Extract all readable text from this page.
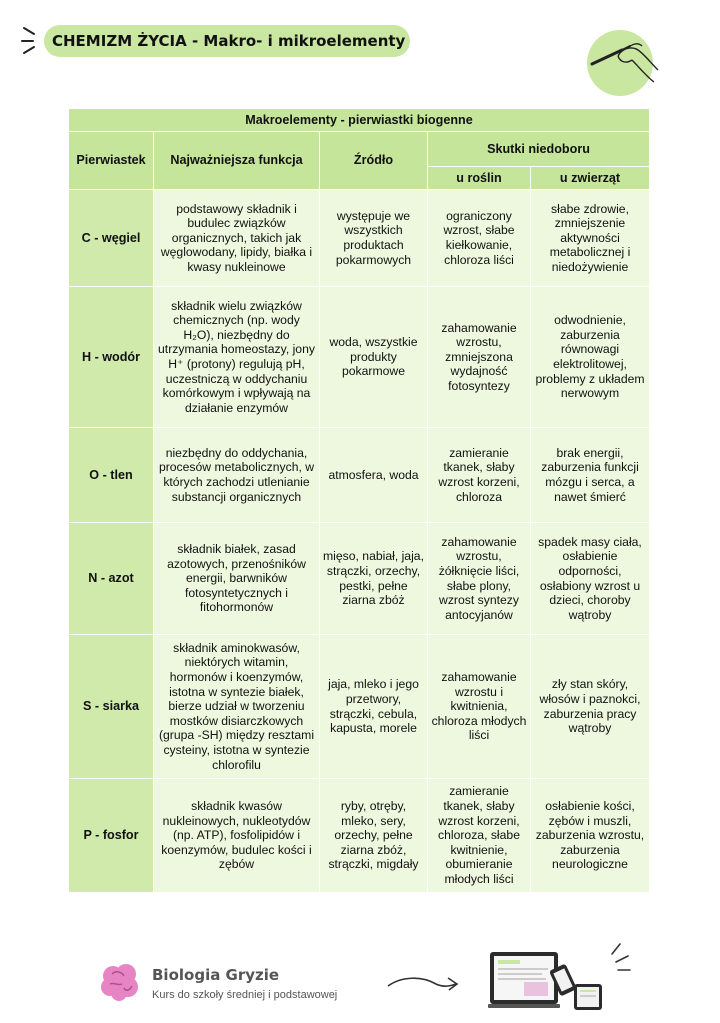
CHEMIZM ŻYCIA - Makro- i mikroelementy
Makroelementy - pierwiastki biogenne				
Pierwiastek	Najważniejsza funkcja	Źródło	Skutki niedoboru	
			u roślin	u zwierząt
C - węgiel	podstawowy składnik i budulec związków organicznych, takich jak węglowodany, lipidy, białka i kwasy nukleinowe	występuje we wszystkich produktach pokarmowych	ograniczony wzrost, słabe kiełkowanie, chloroza liści	słabe zdrowie, zmniejszenie aktywności metabolicznej i niedożywienie
H - wodór	składnik wielu związków chemicznych (np. wody H₂O), niezbędny do utrzymania homeostazy, jony H⁺ (protony) regulują pH, uczestniczą w oddychaniu komórkowym i wpływają na działanie enzymów	woda, wszystkie produkty pokarmowe	zahamowanie wzrostu, zmniejszona wydajność fotosyntezy	odwodnienie, zaburzenia równowagi elektrolitowej, problemy z układem nerwowym
O - tlen	niezbędny do oddychania, procesów metabolicznych, w których zachodzi utlenianie substancji organicznych	atmosfera, woda	zamieranie tkanek, słaby wzrost korzeni, chloroza	brak energii, zaburzenia funkcji mózgu i serca, a nawet śmierć
N - azot	składnik białek, zasad azotowych, przenośników energii, barwników fotosyntetycznych i fitohormonów	mięso, nabiał, jaja, strączki, orzechy, pestki, pełne ziarna zbóż	zahamowanie wzrostu, żółknięcie liści, słabe plony, wzrost syntezy antocyjanów	spadek masy ciała, osłabienie odporności, osłabiony wzrost u dzieci, choroby wątroby
S - siarka	składnik aminokwasów, niektórych witamin, hormonów i koenzymów, istotna w syntezie białek, bierze udział w tworzeniu mostków disiarczkowych (grupa -SH) między resztami cysteiny, istotna w syntezie chlorofilu	jaja, mleko i jego przetwory, strączki, cebula, kapusta, morele	zahamowanie wzrostu i kwitnienia, chloroza młodych liści	zły stan skóry, włosów i paznokci, zaburzenia pracy wątroby
P - fosfor	składnik kwasów nukleinowych, nukleotydów (np. ATP), fosfolipidów i koenzymów, budulec kości i zębów	ryby, otręby, mleko, sery, orzechy, pełne ziarna zbóż, strączki, migdały	zamieranie tkanek, słaby wzrost korzeni, chloroza, słabe kwitnienie, obumieranie młodych liści	osłabienie kości, zębów i muszli, zaburzenia wzrostu, zaburzenia neurologiczne
Biologia Gryzie
Kurs do szkoły średniej i podstawowej
